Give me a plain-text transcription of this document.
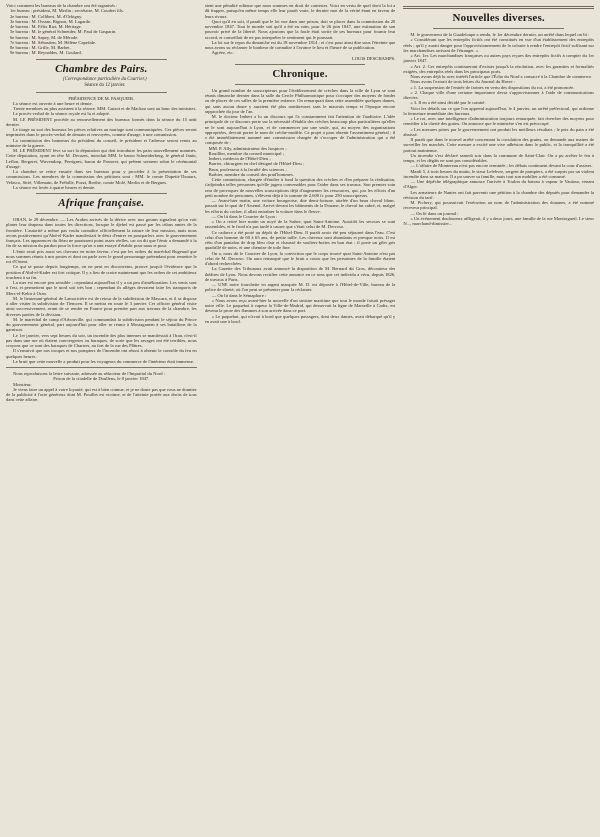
Voici comment les bureaux de la chambre ont été organisés :

1er bureau : président, M. Merlin ; secrétaire, M. Coudert fils.

2e bureau : M. Collibert, M. d'Orbigny.

3e bureau : M. Ossian, Bignon, M. Lagarde.

4e bureau : M. Félix Rizi, M. Héritage.

5e bureau : M. le général Schneider, M. Paul de Gasparin.

6e bureau : M. Sapey, M. de Mérode.

7e bureau : M. Sébastien, M. Hélène Capefide.

8e bureau : M. Grille, M. Barbet.

9e bureau : M. Reynaldes, M. Goulard.

Chambre des Pairs.

(Correspondance particulière du Courrier.)

Séance du 12 janvier.

PRÉSIDENCE DE M. PASQUIER.

La séance est ouverte à une heure et demie.

Trente membres au plus assistent à la séance. MM. Guizot et de Mackau sont au banc des ministres.

Le procès-verbal de la séance royale est lu et adopté.

M. LE PRÉSIDENT procède au renouvellement des bureaux formés dans la séance du 15 août dernier.

Le tirage au sort des bureaux les pièces relatives au mariage sont communiquées. Ces pièces seront imprimées dans le procès-verbal de demain et renvoyées, comme d'usage, à une commission.

La commission des honneurs du président du conseil, le président et l'adresse seront remis au ministre de la guerre.

M. LE PRÉSIDENT lève sa sort la députation qui doit introduire les pairs nouvellement nommés. Cette députation, ayant en tête M. Decazes, introduit MM. le baron Schneiderberg, le général Janin, Leflon, Bergeret, Wuvendorp, Perrignes, baron de Pastoret, qui prêtent serment selon le cérémonial d'usage.

La chambre se retire ensuite dans ses bureaux pour y procéder à la présentation de ses commissions. Les membres de la commission des pétitions sont : MM. le comte Dupetit-Thouars, Velasco, Sirié, Villemain, de Frébille, Pozzi, Berthe, comte Molé, Merlin et de Bergues.

La séance est levée à quatre heures et demie.

Afrique française.

ORAN, le 29 décembre. — Les Arabes arrivés de la dérive avec nos goums signalent qu'on voit planer leur drapeau dans toutes les directions, lorsque le djebel est passé par les tribus amies de la frontière. L'autorité a même pas voulu connaître officiellement la nature de leur mission, mais nous avons positivement qu'Abd-el-Kader manifestait le désir d'entrer en pourparlers avec le gouvernement français. Les apparences du fléau ne paraissent point assez réelles, car on dit que l'émir a demandé à la fin de sa mission du pardon pour la force qu'on a tant essayé d'établir pour nous et pour.

L'émir avait pris aussi ses chevaux en notre faveur, c'est par les ordres du maréchal Bugeaud que nous sommes réunis à nos postes et dont on parle avec le grand personnage prétendant pour remettre le roi d'Orient.

Ce qui se passe depuis longtemps, on ne peut en disconvenir, prouve jusqu'à l'évidence que la position d'Abd-el-Kader est fort critique. Il y a lieu de croire maintenant que les ordres de cet ambitieux touchent à sa fin.

La mer est encore peu sensible ; cependant aujourd'hui il y a un peu d'amélioration. Les vents sont à l'est, et permettent que le nord soit très bon ; cependant ils allèges devraient faire les transports de Mers-el-Kebir à Oran.

M. le lieutenant-général de Lamoricière est de retour de la subdivision de Mascara, et il se dispose à aller visiter la subdivision de Tlemcen. Il se mettra en route le 3 janvier. Cet officier général visite ainsi successivement, avant de se rendre en France pour prendre part aux travaux de la chambre, les diverses parties de la division.

M. le maréchal de camp d'Arbouville, qui commandait la subdivision pendant le séjour du Prince du gouvernement général, part aujourd'hui pour aller se réunir à Mostaganem à ses bataillons de la garnison.

Le 1er janvier, vers sept heures du soir, un incendie des plus intenses se manifestait à Oran, n'est-il pas dans une rue où étaient conciergeries ou baraques, de sorte que les ravages ont été terribles, nous croyons que ce sont des baraques de Chartres, au fort de la rue des Plâtres.

Il s'ensuivit que nos troupes et nos pompiers de l'incendie ont réussi à obtenir le contrôle du feu en quelques heures.

Le bruit que cette nouvelle a produit pour les voyageurs du commerce de l'intérieur était immense.

Nous reproduisons la lettre suivante, adressée au rédacteur de l'Impartial du Nord :

Prison de la citadelle de Doullens, le 8 janvier 1847.

Monsieur,

Je viens faire un appel à votre loyauté, qui est à bien connue, et je ne doute pas que vous ne donniez de la publicité à l'acte généreux dont M. Pouillet est victime, et de l'atteinte portée aux droits de tous dans cette affaire.

aient une pénalité odieuse que nous sommes en droit de contester. Voici en vertu de quel droit la loi a dû frapper, puisqu'en même temps elle leur paraît vraie, le dernier mot de la vérité étant en faveur de leurs rivaux.

Quoi qu'il en soit, il paraît que le loi vue dans une prison, doit se placer dans la commission du 20 novembre 1847. Tout le monde sait qu'il a été en vain, pour le 26 juin 1847, une estimation de son pouvoir privé de la liberté. Nous ajoutons que la foule était sortie de ses bureaux pour fournir leur accord, et conseillait de ne pas interpréter le sentiment qui le poussait.

La loi sur le repos du dimanche est du 18 novembre 1814 ; et c'est pour ainsi dire sous l'étreinte que nous avons su réclamer le bonheur de connaître à l'avance le lieu et l'heure de sa publication.

Agréez, etc.

LOUIS DESCHAMPS.

Chronique.

Un grand nombre de souscripteurs pour l'établissement de crèches dans la ville de Lyon se sont réunis dimanche dernier dans la salle du Cercle Philharmonique pour s'occuper des moyens de fonder ou de placer de ces salles de la première enfance. On remarquait dans cette assemblée quelques dames, qui sans aucun doute y auraient été plus nombreuses sans le mauvais temps et l'époque encore rapprochée du jour de l'an.

M. le docteur Imbert a lu un discours qui l'a constamment fait l'attention de l'auditoire. L'idée principale de ce discours porte sur la nécessité d'établir des crèches beaucoup plus particulières qu'elles ne le sont aujourd'hui à Lyon, et de commencer par une seule, qui, au moyen des organisations appropriées, devrait porter le nom de crèche-modèle. Ce projet a paru obtenir l'assentiment général ; il a été immédiatement nommé une commission chargée de s'occuper de l'administration qui a été composée de :

MM. P. Ally, administrateur des hospices ;

Rouillier, membre du conseil municipal ;

Imbert, médecin de l'Hôtel-Dieu ;

Barrier, chirurgien en chef désigné de l'Hôtel-Dieu ;

Brun, professeur à la faculté des sciences ;

Barbier, membre du conseil des prud'hommes.

Cette commission, chargée d'étudier à fond la question des crèches et d'en préparer la réalisation, s'adjoindra telles personnes qu'elle jugera convenables pour l'aider dans ses travaux. Son premier soin sera de provoquer de nouvelles souscriptions déjà d'augmenter les ressources, qui, par les efforts d'un petit nombre de personnes, s'élèvent déjà à la somme de 2,600 fr. pour 250 souscripteurs.

— Avant-hier matin, une voiture bourgeoise, dite demi-fortune, attelée d'un beau cheval blanc, passait sur le quai de l'Arsenal. Arrivé devant les bâtiments de la Douane, le cheval fut cabré, et, malgré les efforts du cocher, il allait entraîner la voiture dans le fleuve.

— On lit dans le Courrier de Lyon :

« On a retiré hier matin un noyé de la Saône, quai Saint-Antoine. Aussitôt les secours se sont rassemblés, et le froid n'a pas tardé à causer que c'était celui de M. Decroso.

Ce cadavre a été porté au dépôt de l'Hôtel-Dieu. Il paraît avoir été peu séjourné dans l'eau. C'est celui d'un homme de 60 à 65 ans, de petite taille. Les cheveux sont abondants et presque noirs. Il est vêtu d'un pantalon de drap bleu clair et chaussé de souliers-bottes en bon état ; il porte un gilet gris quadrillé de noirs, et une chemise de toile fine.

On a, nous dit le Courrier de Lyon, la conviction que le corps trouvé quai Saint-Antoine n'est pas celui de M. Decroso. On aura remarqué que le bruit a couru que les personnes de la famille étaient d'abord recherchées.

La Gazette des Tribunaux avait annoncé la disparition de M. Bernard dit Gros, décorateur des théâtres de Lyon. Nous devons rectifier cette annonce en ce sens que cet individu a vécu, depuis 1826, de travaux à Paris.

— UNE noire fourchette en argent marquée M. D. est déposée à l'Hôtel-de-Ville, bureau de la police de sûreté, où l'on peut se présenter pour la réclamer.

— On lit dans le Sémaphore :

« Nous avons reçu avant-hier la nouvelle d'un sinistre maritime que tout le monde faisait présager notre ville. Le paquebot à vapeur la Ville-de-Madrid, qui desservait la ligne de Marseille à Cadix, est devenu la proie des flammes à son arrivée dans ce port.

« Le paquebot, qui n'avait à bord que quelques passagers, dont deux dames, avait débarqué qu'il y en avait une à bord.

Nouvelles diverses.

M. le gouverneur de la Guadeloupe a rendu, le 1er décembre dernier, un arrêté dans lequel on lit :

« Considérant que les entrepôts fictifs ont été constitués en vue d'un établissement des entrepôts réels ; qu'il y aurait danger pour l'approvisionnement de la colonie à rendre l'entrepôt fictif suffisant sur les marchandises arrivant de l'étranger. »

« Art. 1er. Les marchandises françaises ou autres pays reçues des entrepôts fictifs à compter du 1er janvier 1847.

« Art. 2. Ces entrepôts continueront d'exister jusqu'à la résolution, avec les garanties et formalités exigées, des entrepôts réels dans les principaux ports.

Nous avons déjà lu avec intérêt l'article que l'Écho du Nord a consacré à la Chambre de commerce.

Nous avons l'extrait de trois lettres du Journal du Havre :

« 1. La suspension de l'entrée de farines en vertu des dispositions du roi, a été prononcée.

« 2. Chaque ville d'une certaine importance devra s'approvisionner à l'aide de communications directes.

« 3. Il en a été ainsi décidé par le comité.

Voici les détails sur ce que l'on apprend aujourd'hui, le 4 janvier, un arrêté préfectoral, qui ordonne la fermeture immédiate des bureaux.

« Le roi, avec une intelligence d'administration toujours remarquée, fait chercher des moyens pour remédier à la cherté des grains. On annonce que le ministère s'en est préoccupé.

« Les mesures prises par le gouvernement ont produit les meilleurs résultats ; le prix du pain a été abaissé.

Il paraît que dans le nouvel arrêté concernant la circulation des grains, on demande aux maires de surveiller les marchés. Cette mesure a excité une vive adhésion dans le public, et la tranquillité a été partout maintenue.

Un incendie s'est déclaré samedi soir dans la commune de Saint-Clair. On a pu arrêter le feu à temps, et les dégâts ne sont pas considérables.

— L'affaire de Montereau n'est pas encore terminée ; les débats continuent devant la cour d'assises.

Mardi 5, à trois heures du matin, le sieur Lefebvre, sergent de pompiers, a été surpris par un violent incendie dans sa maison. Il a pu sauver sa famille, mais tout son mobilier a été consumé.

— Une dépêche télégraphique annonce l'arrivée à Toulon du bateau à vapeur le Vautour, venant d'Alger.

Les armateurs de Nantes ont fait parvenir une pétition à la chambre des députés pour demander la révision du tarif.

M. Pichery, qui poursuivait l'exécution au nom de l'administration des douanes, a été nommé receveur principal.

— On lit dans un journal :

« Un événement douloureux affligeait, il y a deux jours, une famille de la rue Montorgueil. Le sieur N..., marchand-dimissier...
